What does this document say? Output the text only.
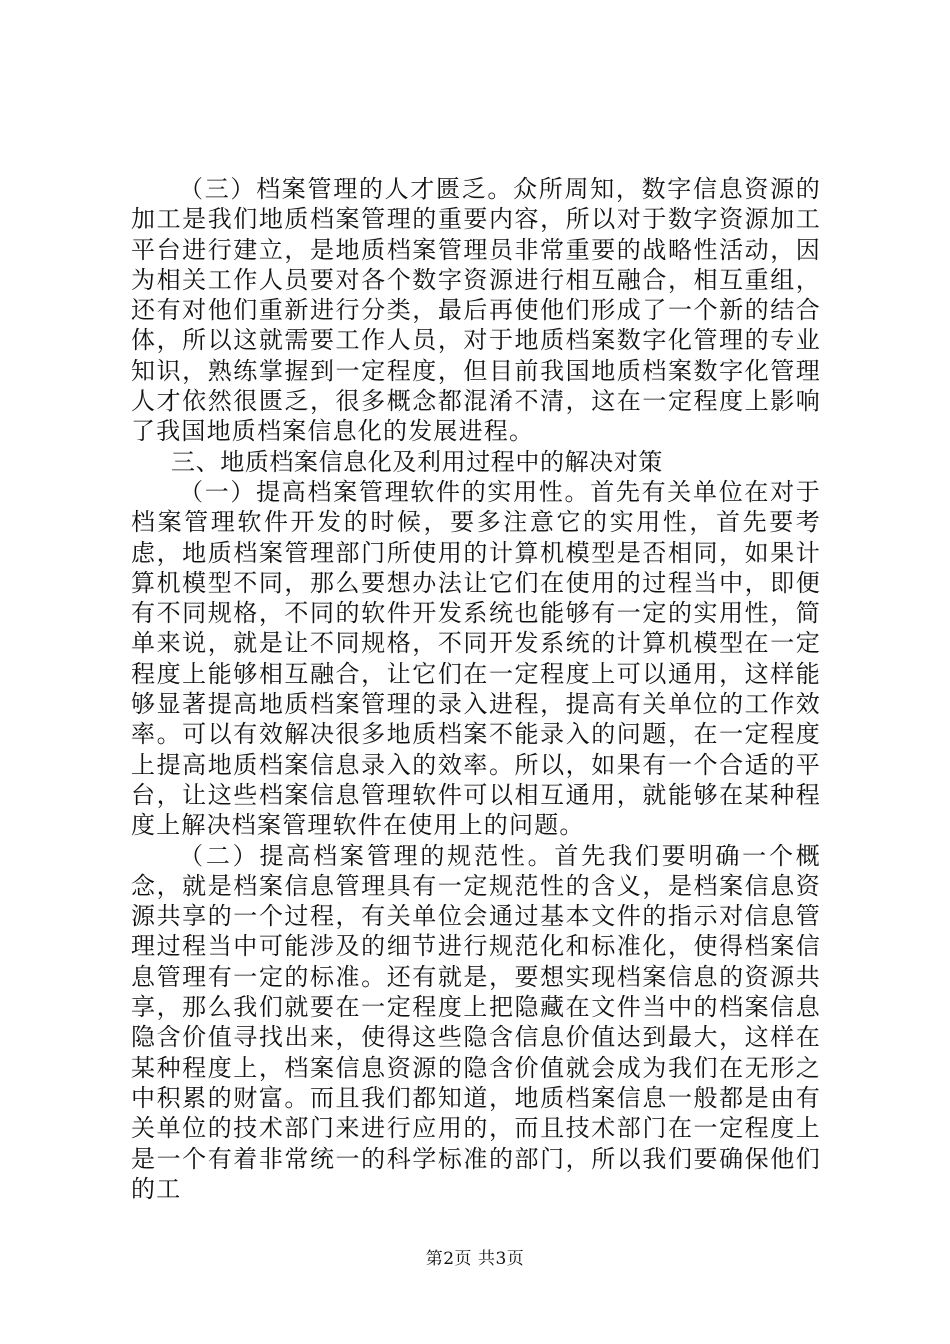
（三）档案管理的人才匮乏。众所周知，数字信息资源的加工是我们地质档案管理的重要内容，所以对于数字资源加工平台进行建立，是地质档案管理员非常重要的战略性活动，因为相关工作人员要对各个数字资源进行相互融合，相互重组，还有对他们重新进行分类，最后再使他们形成了一个新的结合体，所以这就需要工作人员，对于地质档案数字化管理的专业知识，熟练掌握到一定程度，但目前我国地质档案数字化管理人才依然很匮乏，很多概念都混淆不清，这在一定程度上影响了我国地质档案信息化的发展进程。

三、地质档案信息化及利用过程中的解决对策

（一）提高档案管理软件的实用性。首先有关单位在对于档案管理软件开发的时候，要多注意它的实用性，首先要考虑，地质档案管理部门所使用的计算机模型是否相同，如果计算机模型不同，那么要想办法让它们在使用的过程当中，即便有不同规格，不同的软件开发系统也能够有一定的实用性，简单来说，就是让不同规格，不同开发系统的计算机模型在一定程度上能够相互融合，让它们在一定程度上可以通用，这样能够显著提高地质档案管理的录入进程，提高有关单位的工作效率。可以有效解决很多地质档案不能录入的问题，在一定程度上提高地质档案信息录入的效率。所以，如果有一个合适的平台，让这些档案信息管理软件可以相互通用，就能够在某种程度上解决档案管理软件在使用上的问题。

（二）提高档案管理的规范性。首先我们要明确一个概念，就是档案信息管理具有一定规范性的含义，是档案信息资源共享的一个过程，有关单位会通过基本文件的指示对信息管理过程当中可能涉及的细节进行规范化和标准化，使得档案信息管理有一定的标准。还有就是，要想实现档案信息的资源共享，那么我们就要在一定程度上把隐藏在文件当中的档案信息隐含价值寻找出来，使得这些隐含信息价值达到最大，这样在某种程度上，档案信息资源的隐含价值就会成为我们在无形之中积累的财富。而且我们都知道，地质档案信息一般都是由有关单位的技术部门来进行应用的，而且技术部门在一定程度上是一个有着非常统一的科学标准的部门，所以我们要确保他们的工

第2页 共3页
